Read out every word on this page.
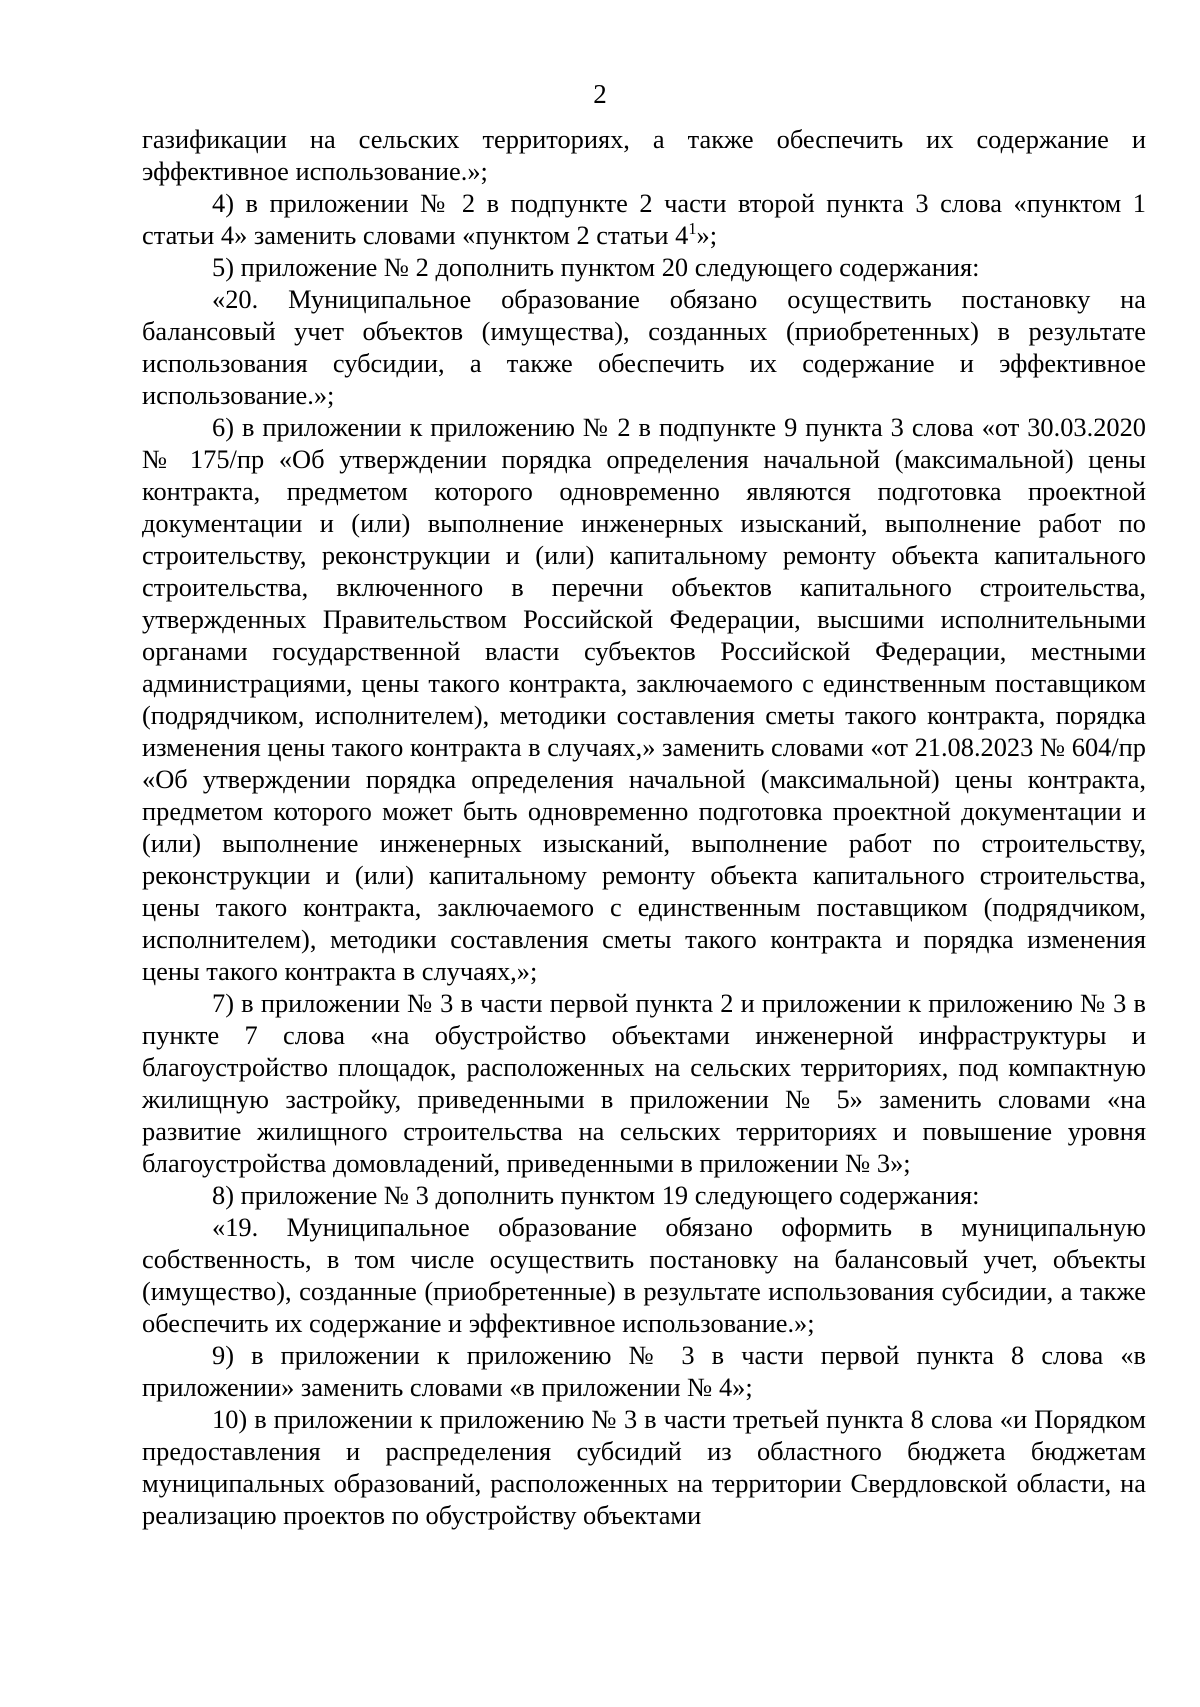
2

газификации на сельских территориях, а также обеспечить их содержание и эффективное использование.»;

4) в приложении № 2 в подпункте 2 части второй пункта 3 слова «пунктом 1 статьи 4» заменить словами «пунктом 2 статьи $4^1$»;

5) приложение № 2 дополнить пунктом 20 следующего содержания:

«20. Муниципальное образование обязано осуществить постановку на балансовый учет объектов (имущества), созданных (приобретенных) в результате использования субсидии, а также обеспечить их содержание и эффективное использование.»;

6) в приложении к приложению № 2 в подпункте 9 пункта 3 слова «от 30.03.2020 № 175/пр «Об утверждении порядка определения начальной (максимальной) цены контракта, предметом которого одновременно являются подготовка проектной документации и (или) выполнение инженерных изысканий, выполнение работ по строительству, реконструкции и (или) капитальному ремонту объекта капитального строительства, включенного в перечни объектов капитального строительства, утвержденных Правительством Российской Федерации, высшими исполнительными органами государственной власти субъектов Российской Федерации, местными администрациями, цены такого контракта, заключаемого с единственным поставщиком (подрядчиком, исполнителем), методики составления сметы такого контракта, порядка изменения цены такого контракта в случаях,» заменить словами «от 21.08.2023 № 604/пр «Об утверждении порядка определения начальной (максимальной) цены контракта, предметом которого может быть одновременно подготовка проектной документации и (или) выполнение инженерных изысканий, выполнение работ по строительству, реконструкции и (или) капитальному ремонту объекта капитального строительства, цены такого контракта, заключаемого с единственным поставщиком (подрядчиком, исполнителем), методики составления сметы такого контракта и порядка изменения цены такого контракта в случаях,»;

7) в приложении № 3 в части первой пункта 2 и приложении к приложению № 3 в пункте 7 слова «на обустройство объектами инженерной инфраструктуры и благоустройство площадок, расположенных на сельских территориях, под компактную жилищную застройку, приведенными в приложении № 5» заменить словами «на развитие жилищного строительства на сельских территориях и повышение уровня благоустройства домовладений, приведенными в приложении № 3»;

8) приложение № 3 дополнить пунктом 19 следующего содержания:

«19. Муниципальное образование обязано оформить в муниципальную собственность, в том числе осуществить постановку на балансовый учет, объекты (имущество), созданные (приобретенные) в результате использования субсидии, а также обеспечить их содержание и эффективное использование.»;

9) в приложении к приложению № 3 в части первой пункта 8 слова «в приложении» заменить словами «в приложении № 4»;

10) в приложении к приложению № 3 в части третьей пункта 8 слова «и Порядком предоставления и распределения субсидий из областного бюджета бюджетам муниципальных образований, расположенных на территории Свердловской области, на реализацию проектов по обустройству объектами
